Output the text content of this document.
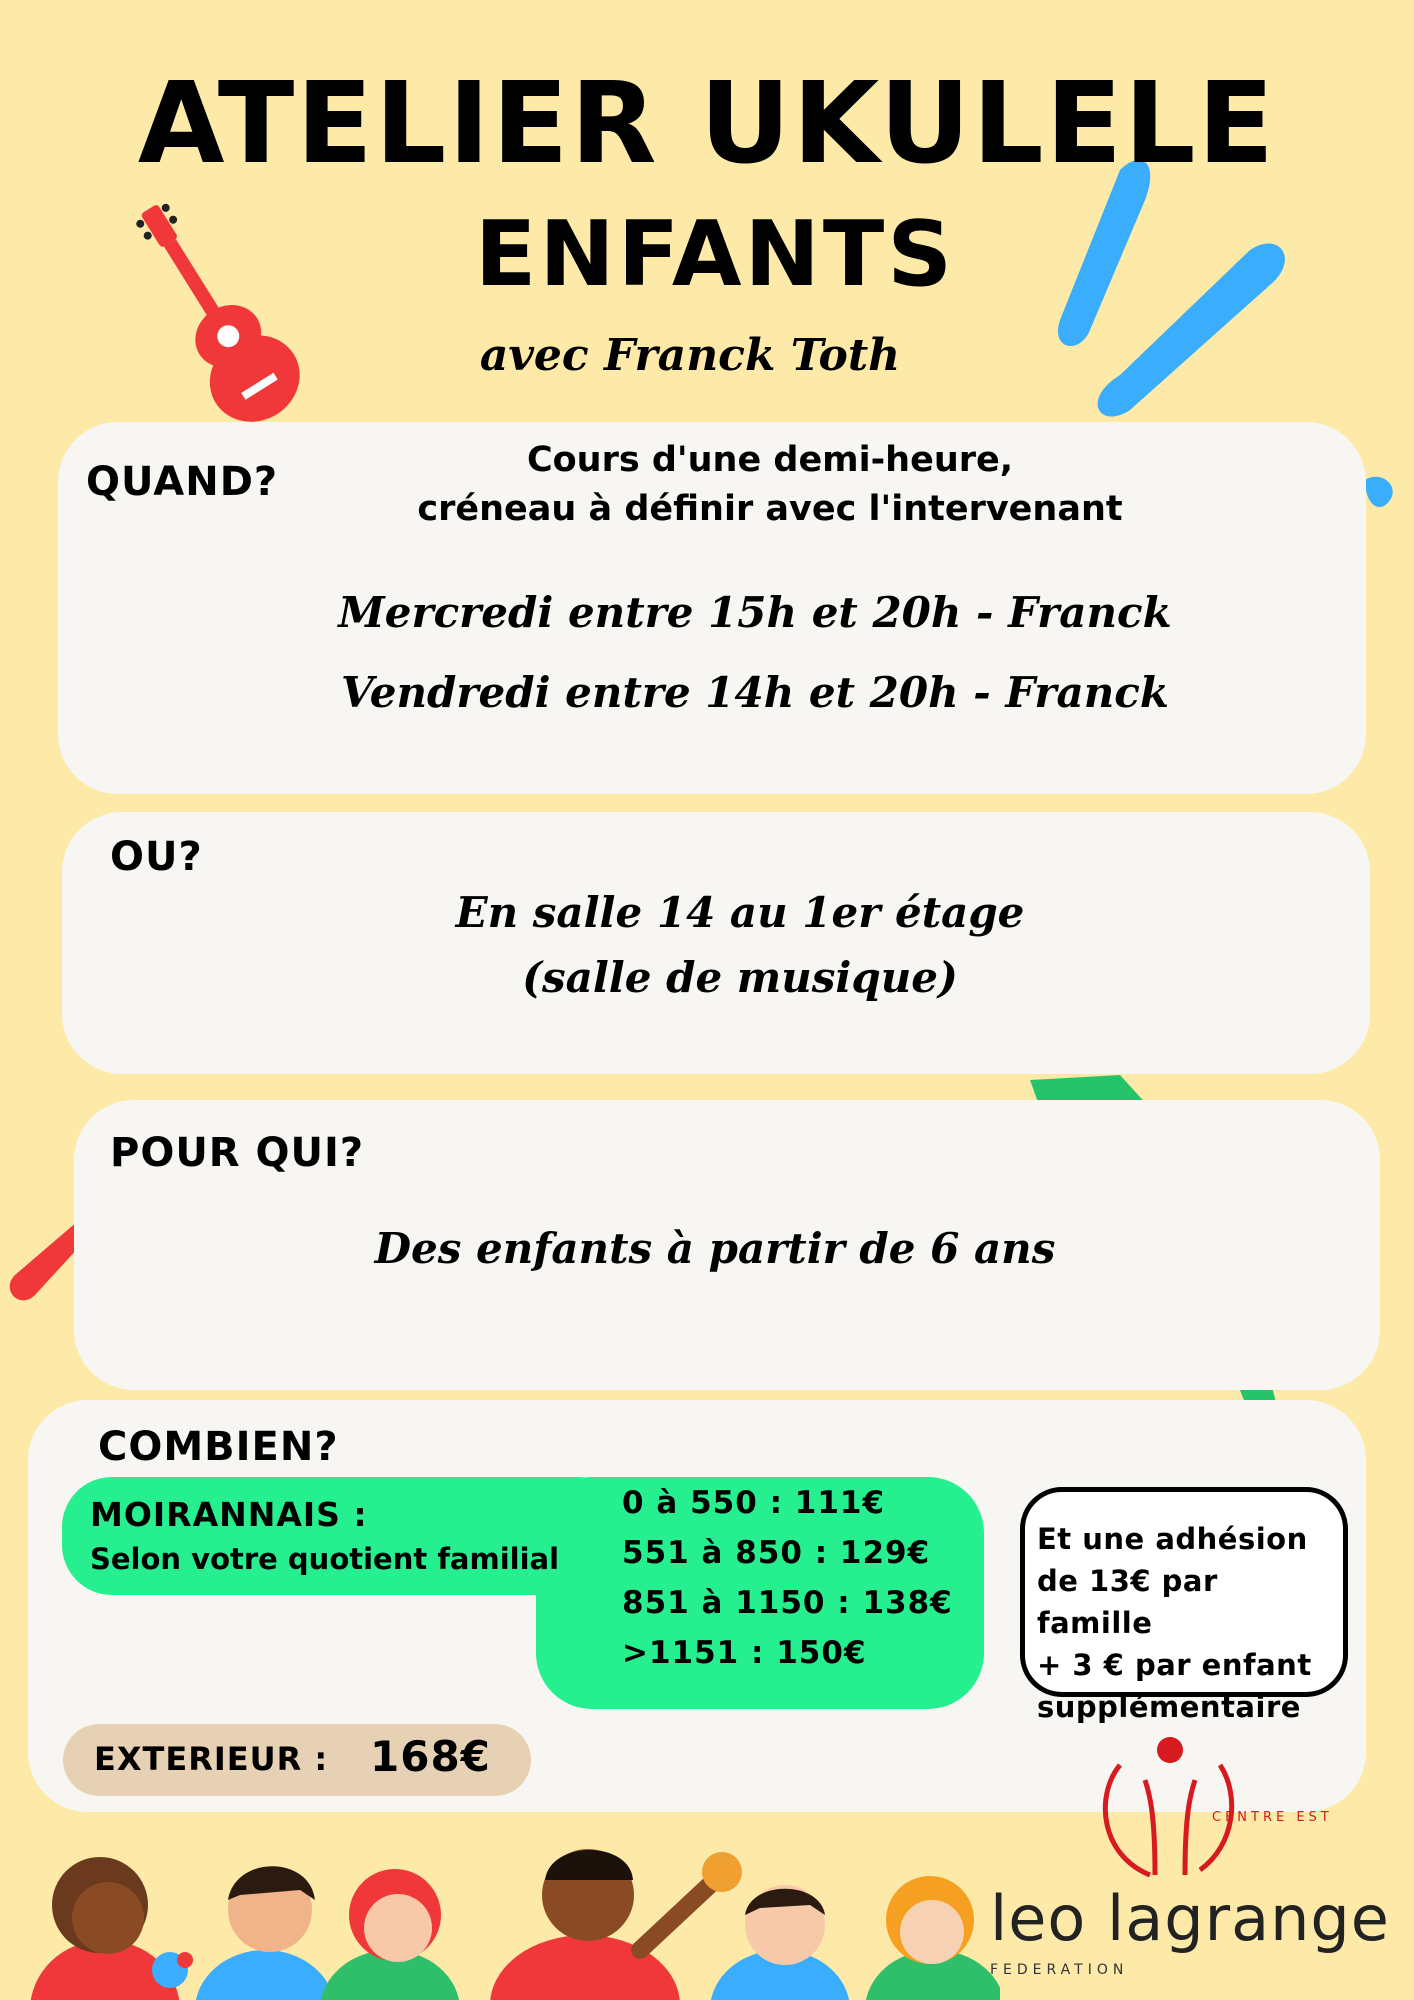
ATELIER UKULELE
ENFANTS
avec Franck Toth
QUAND?	Cours d'une demi-heure,
créneau à définir avec l'intervenant
Mercredi entre 15h et 20h - Franck
Vendredi entre 14h et 20h - Franck
OU?
En salle 14 au 1er étage
(salle de musique)
POUR QUI?
Des enfants à partir de 6 ans
COMBIEN?
MOIRANNAIS :
Selon votre quotient familial
0 à 550 : 111€
551 à 850 : 129€
851 à 1150 : 138€
>1151 : 150€
Et une adhésion
de 13€ par famille
+ 3 € par enfant
supplémentaire
EXTERIEUR : 168€
CENTRE EST
leo lagrange
FEDERATION
